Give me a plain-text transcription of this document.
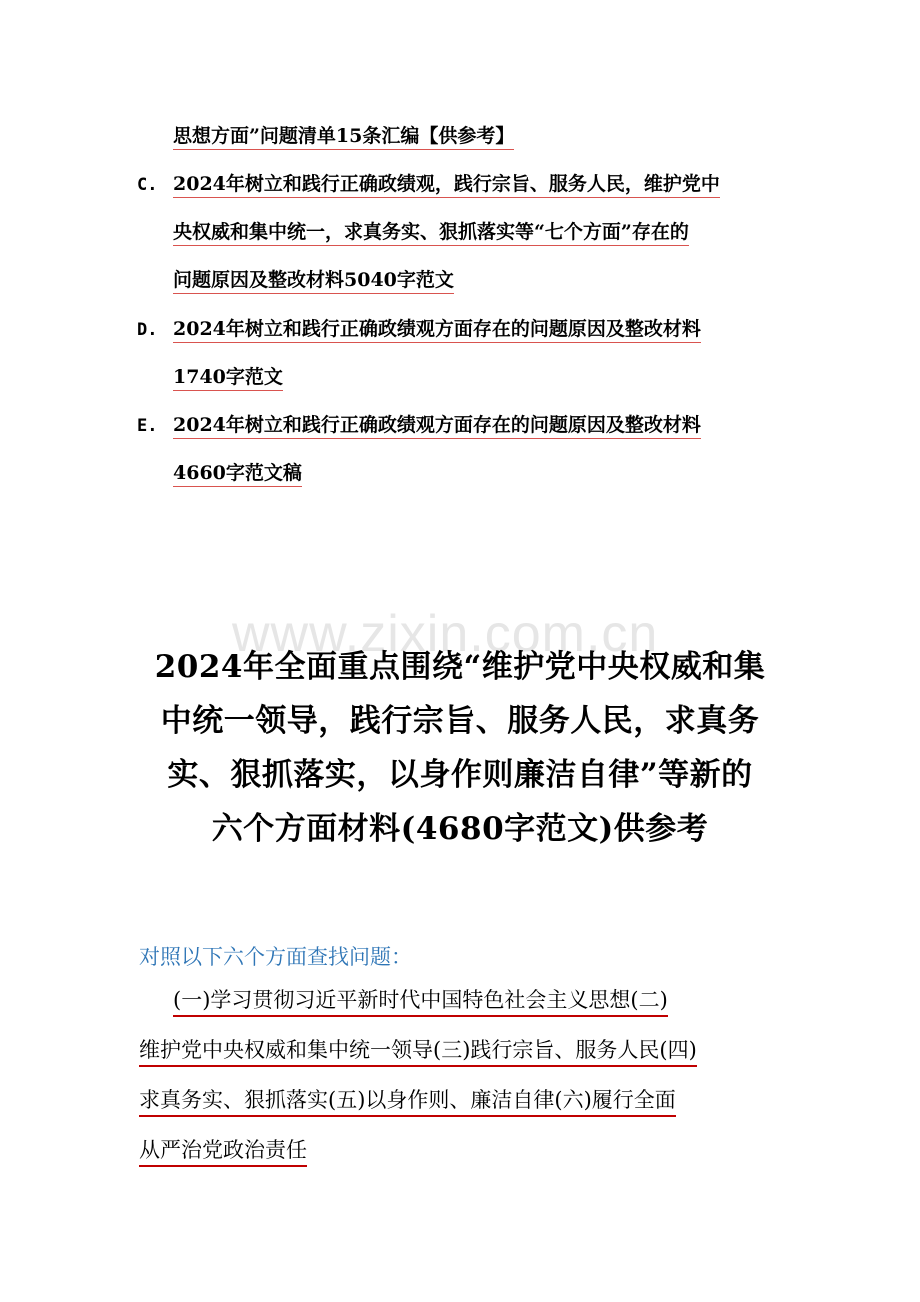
思想方面”问题清单15条汇编【供参考】
C. 2024年树立和践行正确政绩观，践行宗旨、服务人民，维护党中
央权威和集中统一，求真务实、狠抓落实等“七个方面”存在的
问题原因及整改材料5040字范文
D. 2024年树立和践行正确政绩观方面存在的问题原因及整改材料
1740字范文
E. 2024年树立和践行正确政绩观方面存在的问题原因及整改材料
4660字范文稿
www.zixin.com.cn
2024年全面重点围绕“维护党中央权威和集
中统一领导，践行宗旨、服务人民，求真务
实、狠抓落实，以身作则廉洁自律”等新的
六个方面材料(4680字范文)供参考
对照以下六个方面查找问题：
(一)学习贯彻习近平新时代中国特色社会主义思想(二)
维护党中央权威和集中统一领导(三)践行宗旨、服务人民(四)
求真务实、狠抓落实(五)以身作则、廉洁自律(六)履行全面
从严治党政治责任
